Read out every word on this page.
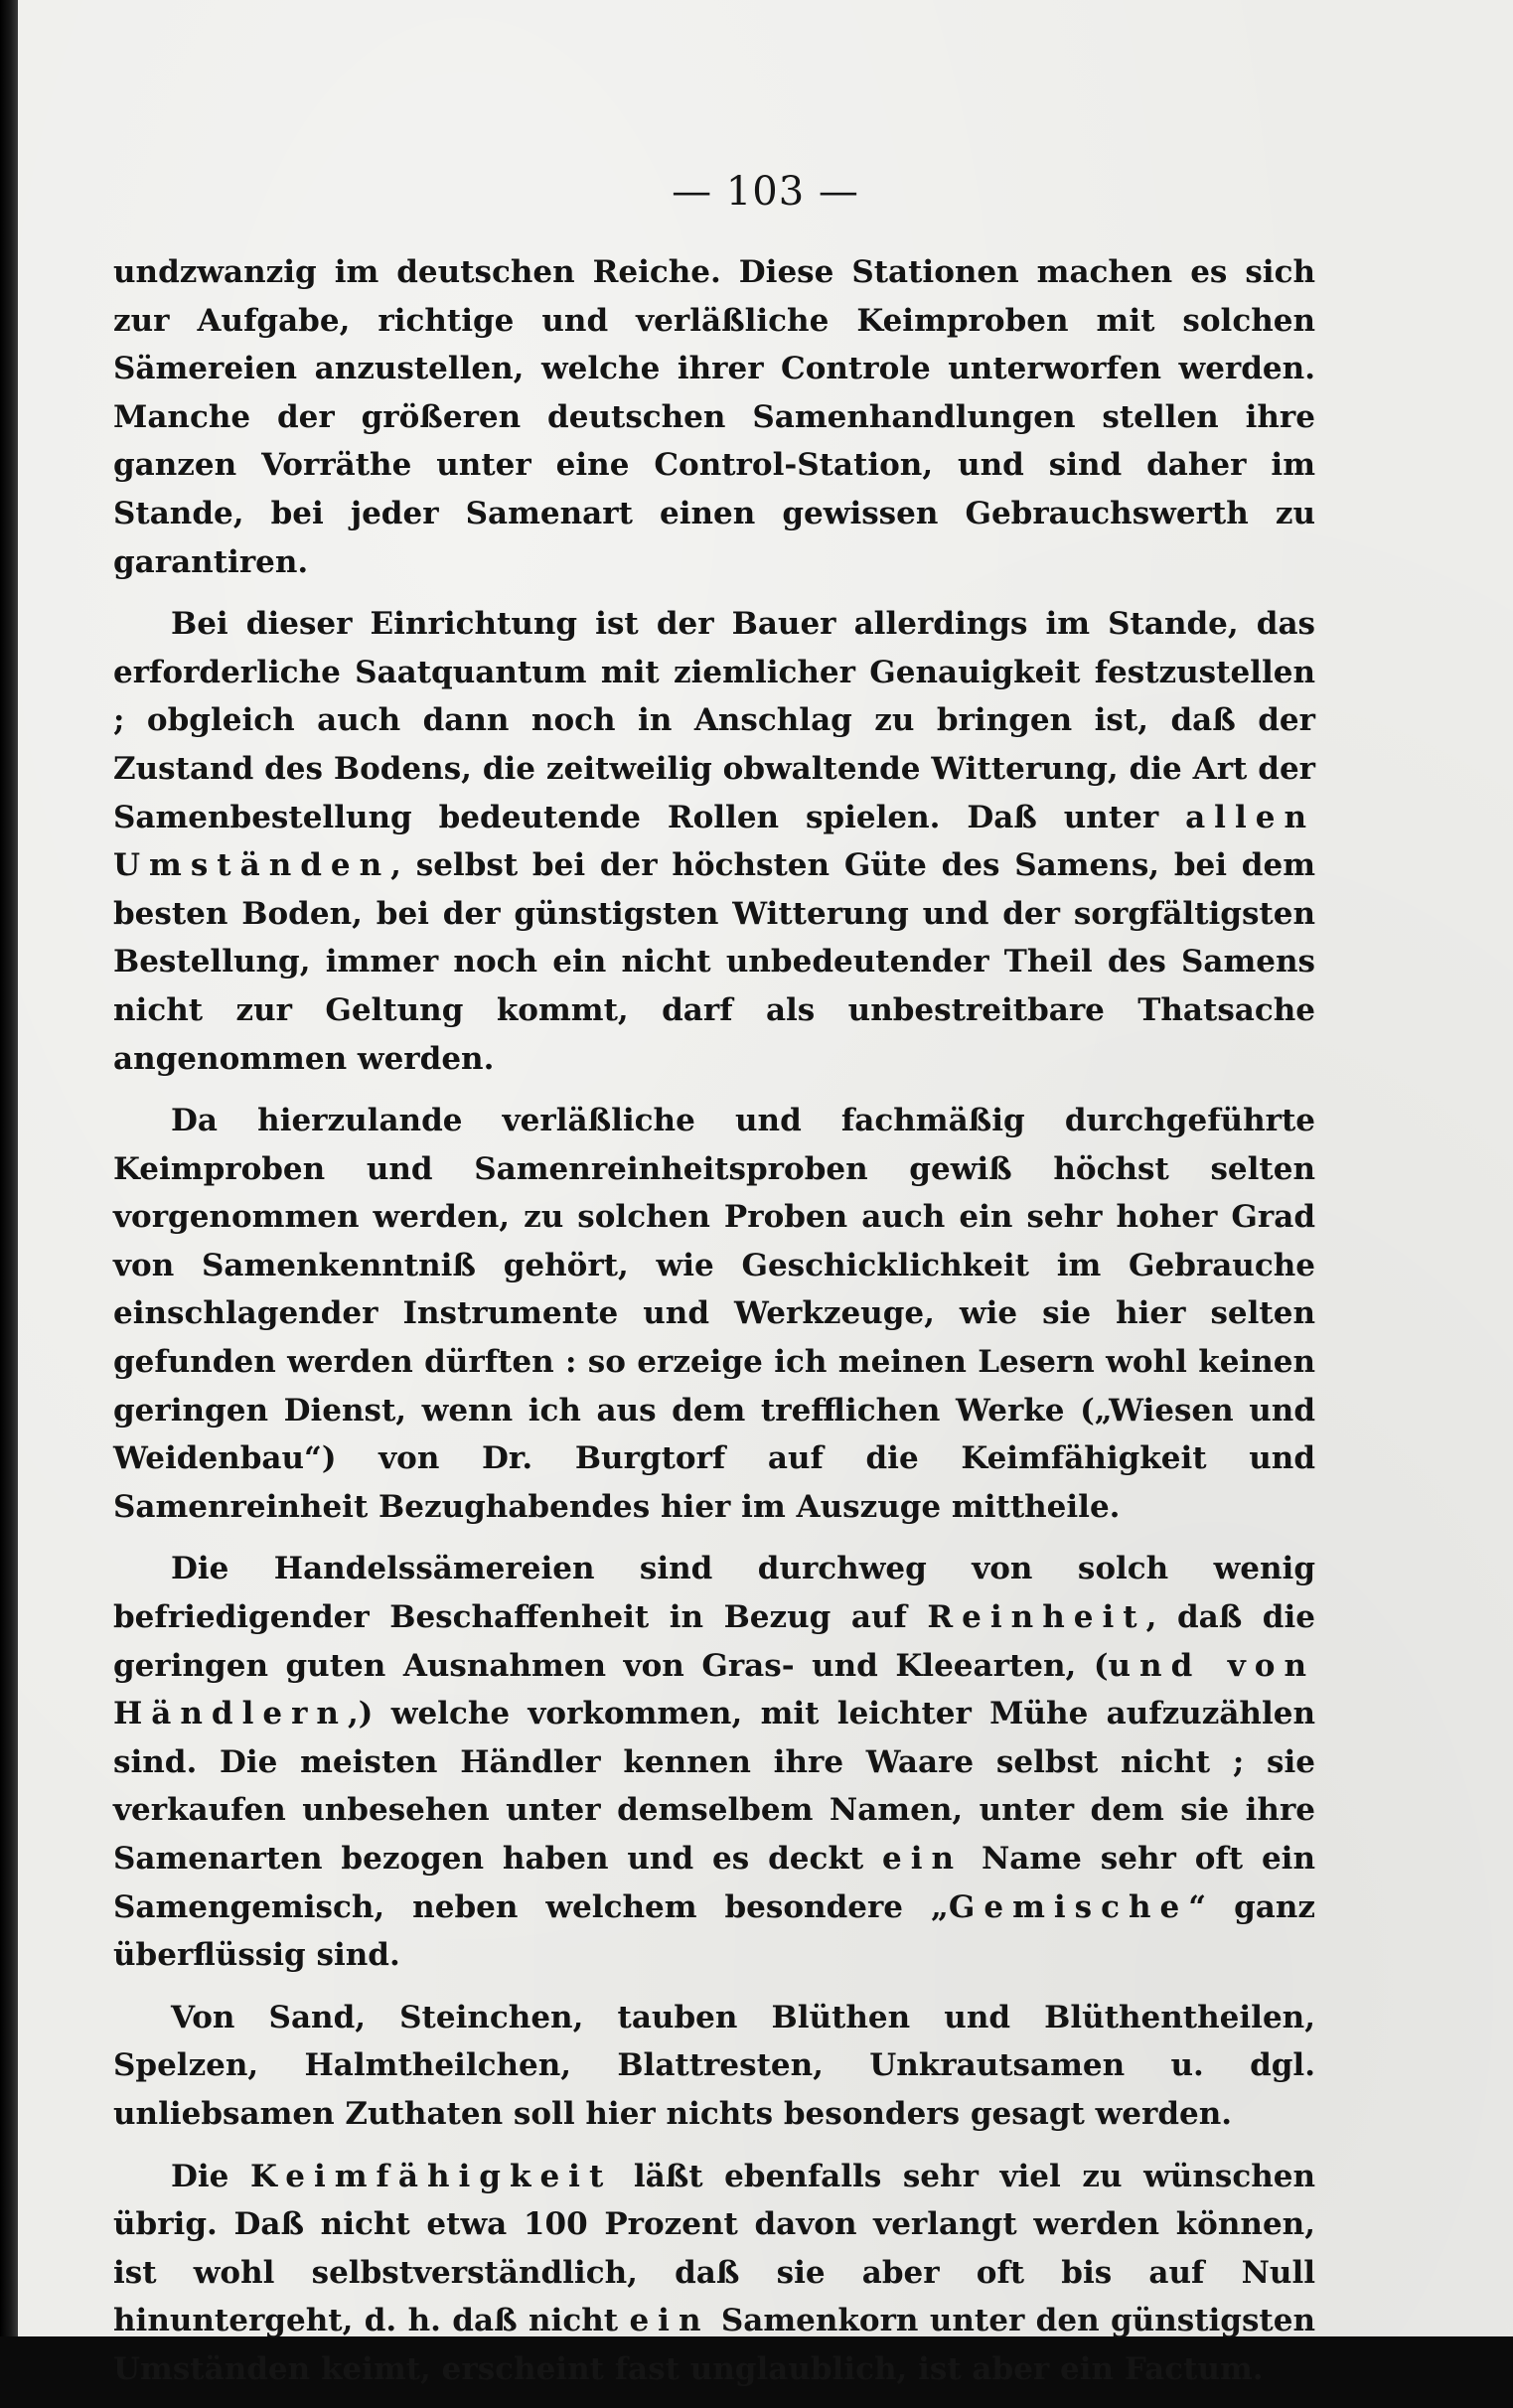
— 103 —

undzwanzig im deutschen Reiche. Diese Stationen machen es sich zur Aufgabe, richtige und verläßliche Keimproben mit solchen Sämereien anzustellen, welche ihrer Controle unterworfen werden. Manche der größeren deutschen Samenhandlungen stellen ihre ganzen Vorräthe unter eine Control-Station, und sind daher im Stande, bei jeder Samenart einen gewissen Gebrauchswerth zu garantiren.

Bei dieser Einrichtung ist der Bauer allerdings im Stande, das erforderliche Saatquantum mit ziemlicher Genauigkeit festzustellen ; obgleich auch dann noch in Anschlag zu bringen ist, daß der Zustand des Bodens, die zeitweilig obwaltende Witterung, die Art der Samenbestellung bedeutende Rollen spielen. Daß unter allen Umständen, selbst bei der höchsten Güte des Samens, bei dem besten Boden, bei der günstigsten Witterung und der sorgfältigsten Bestellung, immer noch ein nicht unbedeutender Theil des Samens nicht zur Geltung kommt, darf als unbestreitbare Thatsache angenommen werden.

Da hierzulande verläßliche und fachmäßig durchgeführte Keimproben und Samenreinheitsproben gewiß höchst selten vorgenommen werden, zu solchen Proben auch ein sehr hoher Grad von Samenkenntniß gehört, wie Geschicklichkeit im Gebrauche einschlagender Instrumente und Werkzeuge, wie sie hier selten gefunden werden dürften : so erzeige ich meinen Lesern wohl keinen geringen Dienst, wenn ich aus dem trefflichen Werke („Wiesen und Weidenbau“) von Dr. Burgtorf auf die Keimfähigkeit und Samenreinheit Bezughabendes hier im Auszuge mittheile.

Die Handelssämereien sind durchweg von solch wenig befriedigender Beschaffenheit in Bezug auf Reinheit, daß die geringen guten Ausnahmen von Gras- und Kleearten, (und von Händlern,) welche vorkommen, mit leichter Mühe aufzuzählen sind. Die meisten Händler kennen ihre Waare selbst nicht ; sie verkaufen unbesehen unter demselbem Namen, unter dem sie ihre Samenarten bezogen haben und es deckt ein Name sehr oft ein Samengemisch, neben welchem besondere „Gemische“ ganz überflüssig sind.

Von Sand, Steinchen, tauben Blüthen und Blüthentheilen, Spelzen, Halmtheilchen, Blattresten, Unkrautsamen u. dgl. unliebsamen Zuthaten soll hier nichts besonders gesagt werden.

Die Keimfähigkeit läßt ebenfalls sehr viel zu wünschen übrig. Daß nicht etwa 100 Prozent davon verlangt werden können, ist wohl selbstverständlich, daß sie aber oft bis auf Null hinuntergeht, d. h. daß nicht ein Samenkorn unter den günstigsten Umständen keimt, erscheint fast unglaublich, ist aber ein Factum.
